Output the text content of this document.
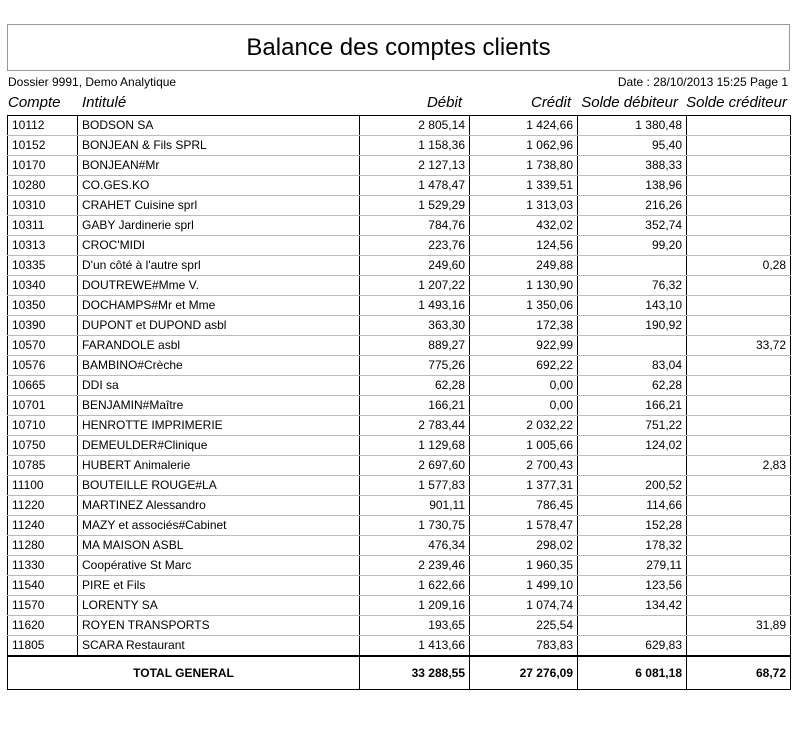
Balance des comptes clients
Dossier 9991, Demo Analytique	Date : 28/10/2013 15:25 Page 1
Compte Intitulé	Débit	Crédit Solde débiteur Solde créditeur
10112	BODSON SA	2 805,14	1 424,66	1 380,48	
10152	BONJEAN & Fils SPRL	1 158,36	1 062,96	95,40	
10170	BONJEAN#Mr	2 127,13	1 738,80	388,33	
10280	CO.GES.KO	1 478,47	1 339,51	138,96	
10310	CRAHET Cuisine sprl	1 529,29	1 313,03	216,26	
10311	GABY Jardinerie sprl	784,76	432,02	352,74	
10313	CROC'MIDI	223,76	124,56	99,20	
10335	D'un côté à l'autre sprl	249,60	249,88		0,28
10340	DOUTREWE#Mme V.	1 207,22	1 130,90	76,32	
10350	DOCHAMPS#Mr et Mme	1 493,16	1 350,06	143,10	
10390	DUPONT et DUPOND asbl	363,30	172,38	190,92	
10570	FARANDOLE asbl	889,27	922,99		33,72
10576	BAMBINO#Crèche	775,26	692,22	83,04	
10665	DDI sa	62,28	0,00	62,28	
10701	BENJAMIN#Maître	166,21	0,00	166,21	
10710	HENROTTE IMPRIMERIE	2 783,44	2 032,22	751,22	
10750	DEMEULDER#Clinique	1 129,68	1 005,66	124,02	
10785	HUBERT Animalerie	2 697,60	2 700,43		2,83
11100	BOUTEILLE ROUGE#LA	1 577,83	1 377,31	200,52	
11220	MARTINEZ Alessandro	901,11	786,45	114,66	
11240	MAZY et associés#Cabinet	1 730,75	1 578,47	152,28	
11280	MA MAISON ASBL	476,34	298,02	178,32	
11330	Coopérative St Marc	2 239,46	1 960,35	279,11	
11540	PIRE et Fils	1 622,66	1 499,10	123,56	
11570	LORENTY SA	1 209,16	1 074,74	134,42	
11620	ROYEN TRANSPORTS	193,65	225,54		31,89
11805	SCARA Restaurant	1 413,66	783,83	629,83	
TOTAL GENERAL	33 288,55	27 276,09	6 081,18	68,72
